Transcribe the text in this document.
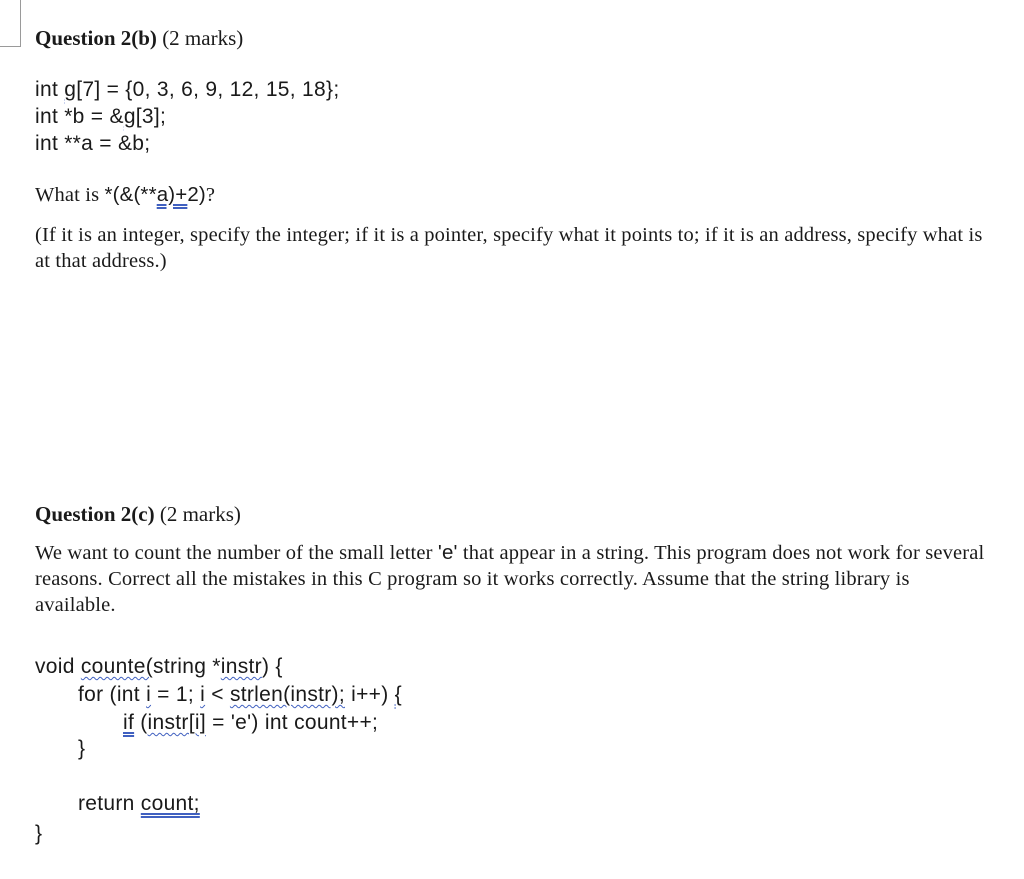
Question 2(b) (2 marks)
int g[7] = {0, 3, 6, 9, 12, 15, 18};
int *b = &g[3];
int **a = &b;
What is *(&(**a)+2)?
(If it is an integer, specify the integer; if it is a pointer, specify what it points to; if it is an address, specify what is at that address.)
Question 2(c) (2 marks)
We want to count the number of the small letter 'e' that appear in a string. This program does not work for several reasons. Correct all the mistakes in this C program so it works correctly. Assume that the string library is available.
void counte(string *instr) {
for (int i = 1; i < strlen(instr); i++) {
if (instr[i] = 'e') int count++;
}
return count;
}
